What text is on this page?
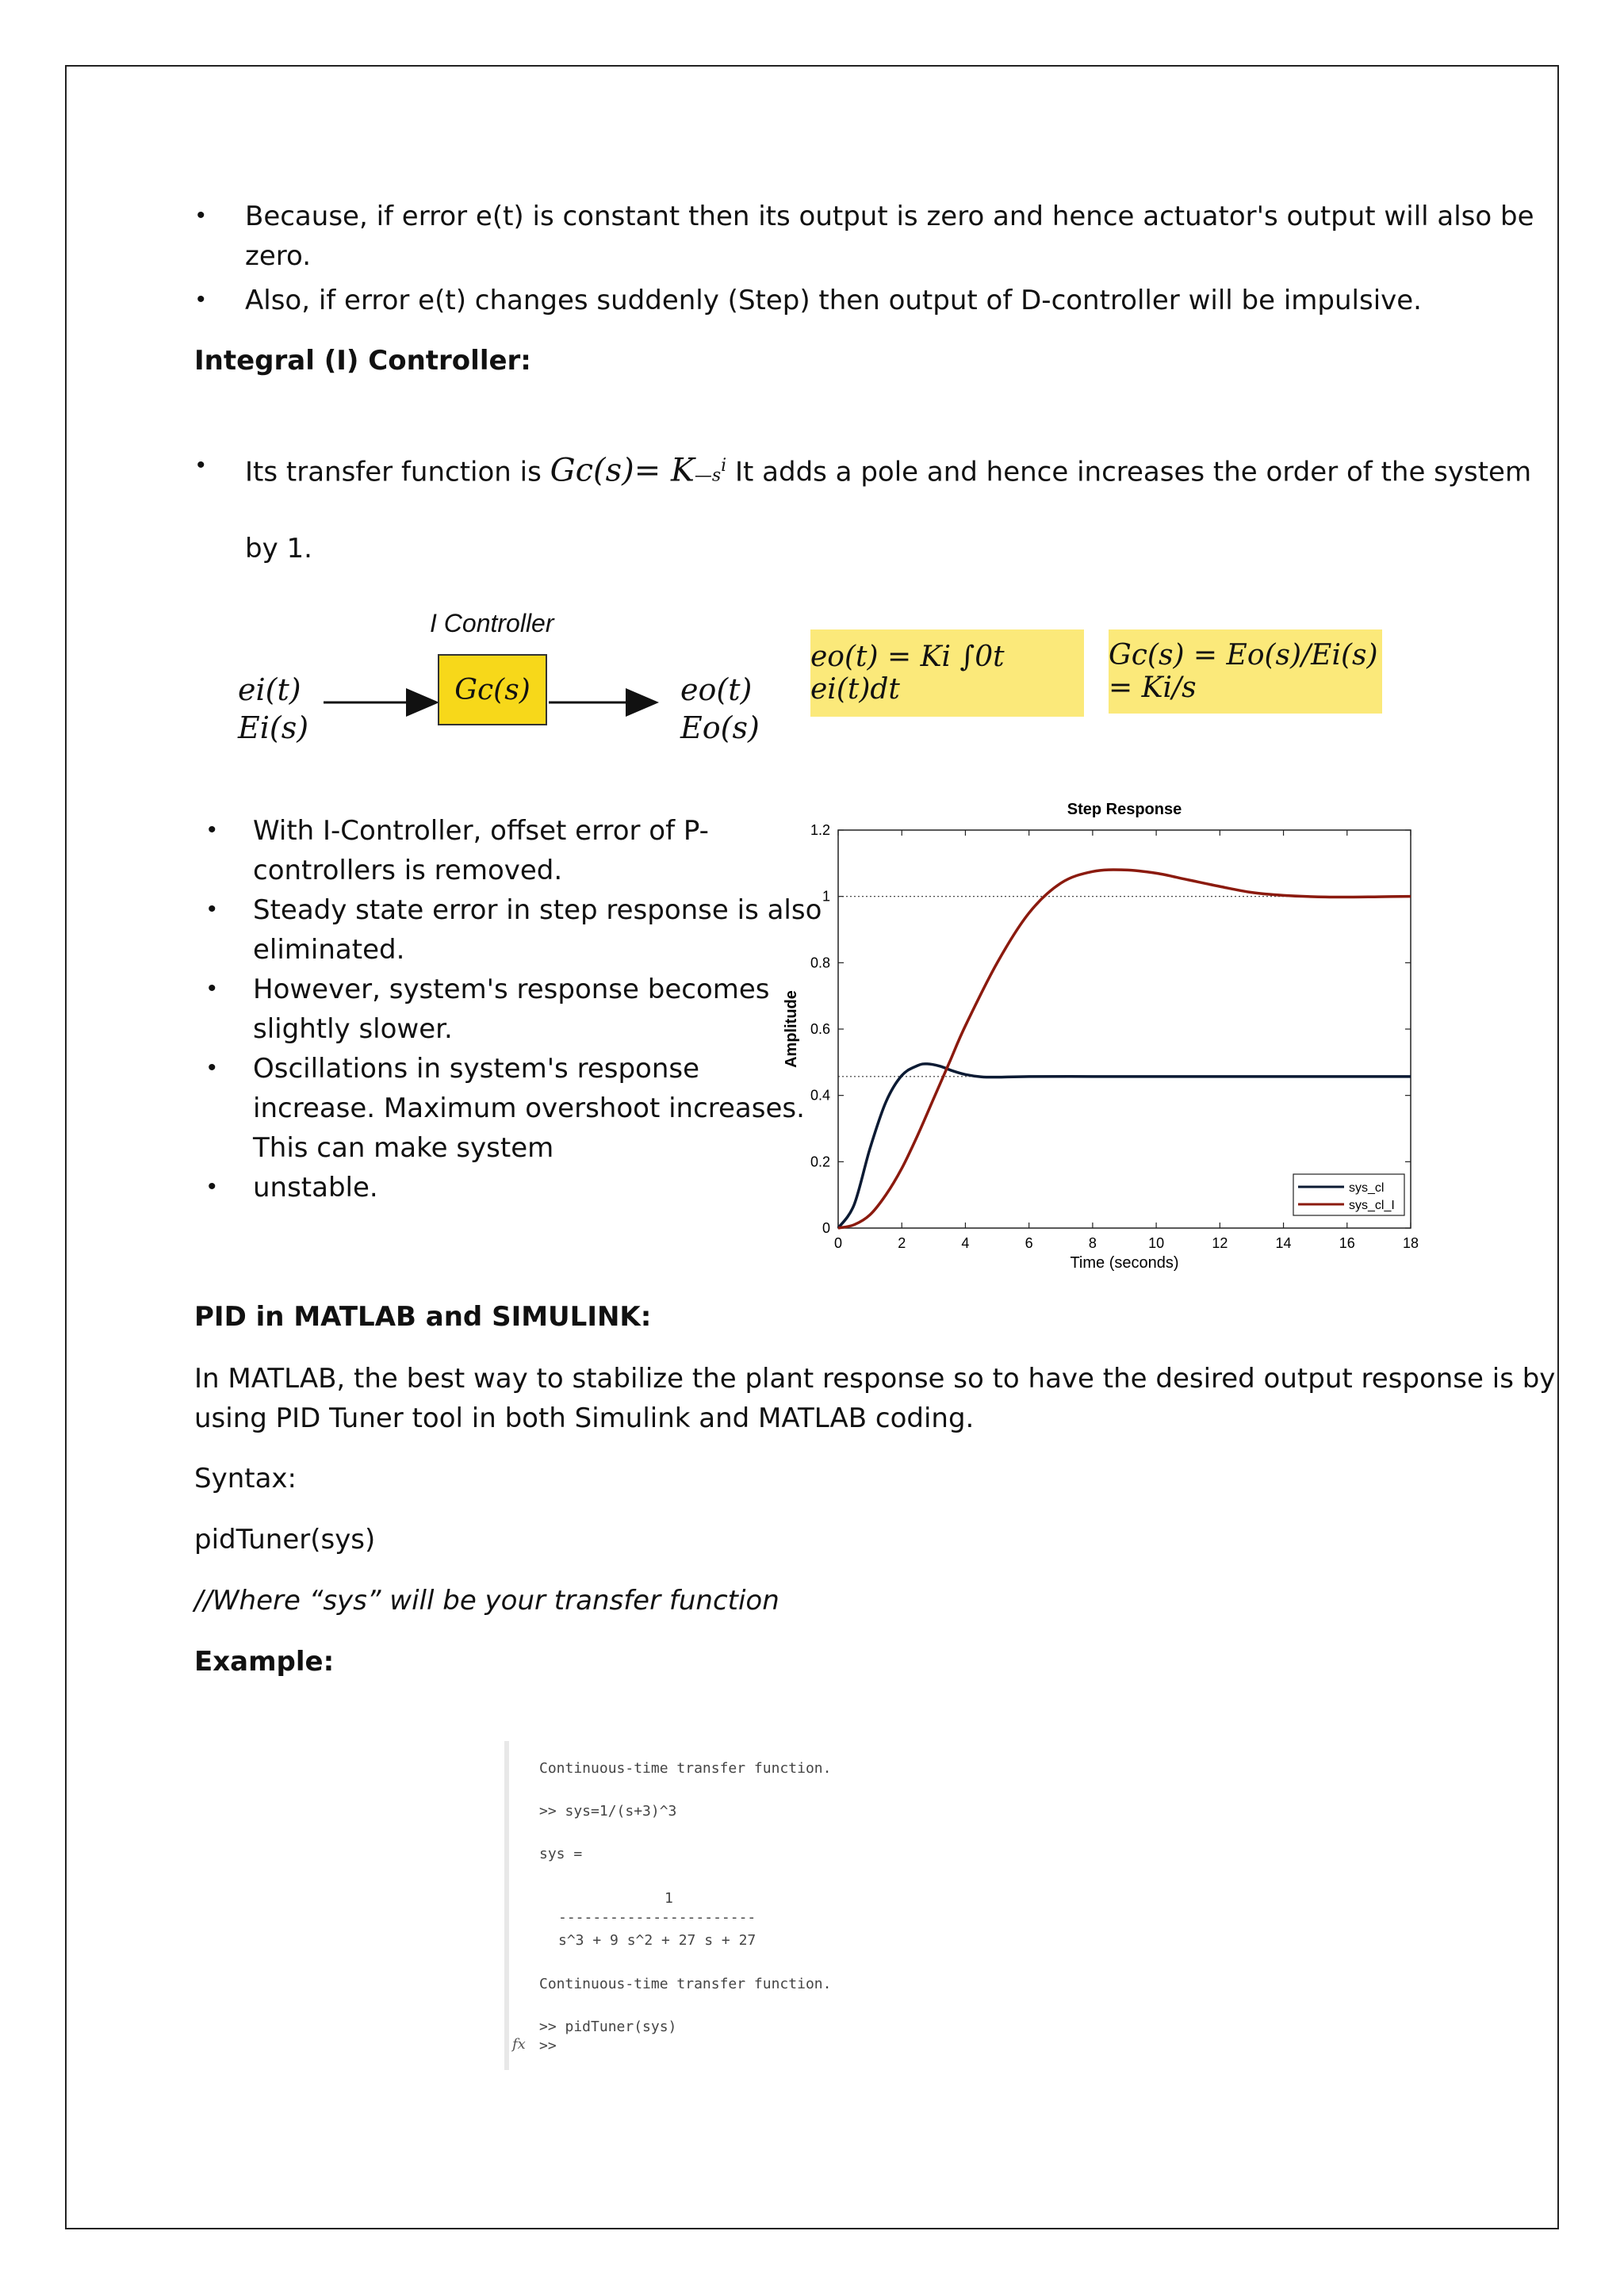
• Because, if error e(t) is constant then its output is zero and hence actuator's output will also be
zero.
• Also, if error e(t) changes suddenly (Step) then output of D-controller will be impulsive.
Integral (I) Controller:
• Its transfer function is $Gc(s)= K—s^i$ It adds a pole and hence increases the order of the system
by 1.
I Controller
ei(t)
Ei(s)
Gc(s)	eo(t)
Eo(s)
eo(t) = Ki ∫0t ei(t)dt
Gc(s) = Eo(s)/Ei(s) = Ki/s
• With I-Controller, offset error of P-
controllers is removed.
• Steady state error in step response is also
eliminated.
• However, system's response becomes
slightly slower.
• Oscillations in system's response
increase. Maximum overshoot increases.
This can make system
• unstable.
Step Response
Time (seconds)
Amplitude
0	2	4	6	8	10	12	14	16	18
0
0.2
0.4
0.6
0.8
1
1.2
sys_cl
sys_cl_I
PID in MATLAB and SIMULINK:
In MATLAB, the best way to stabilize the plant response so to have the desired output response is by
using PID Tuner tool in both Simulink and MATLAB coding.
Syntax:
pidTuner(sys)
//Where “sys” will be your transfer function
Example:
Continuous-time transfer function.
>> sys=1/(s+3)^3
sys =
1
-----------------------
s^3 + 9 s^2 + 27 s + 27
Continuous-time transfer function.
>> pidTuner(sys)
>>
fx
